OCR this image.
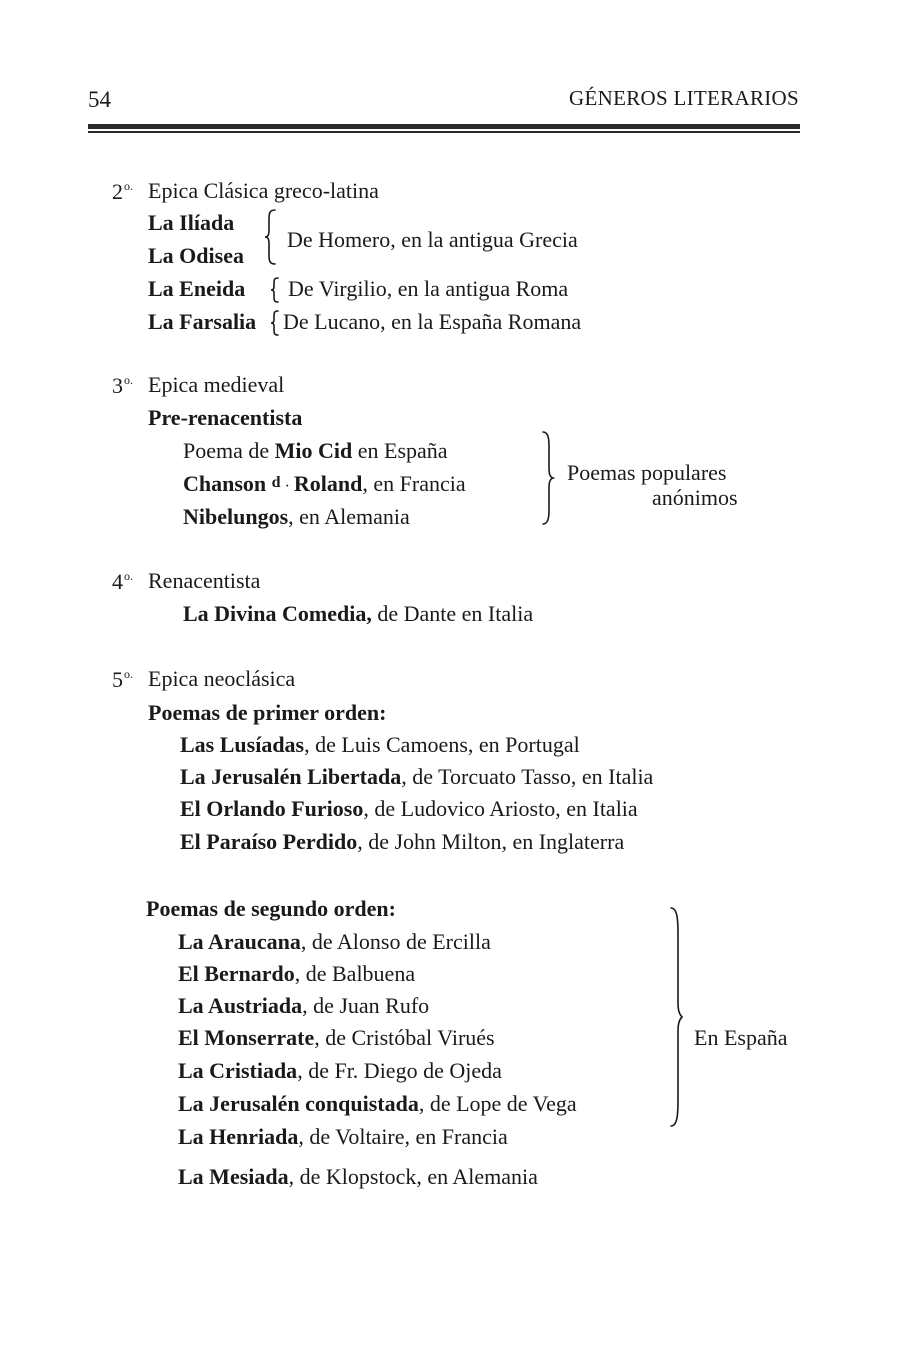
54	GÉNEROS LITERARIOS
$2^{o.}$ Epica Clásica greco-latina
La Ilíada
La Odisea
De Homero, en la antigua Grecia
La Eneida De Virgilio, en la antigua Roma
La Farsalia De Lucano, en la España Romana
$3^{o.}$ Epica medieval
Pre-renacentista
Poema de Mio Cid en España
Chanson d · Roland, en Francia
Nibelungos, en Alemania
Poemas populares
anónimos
$4^{o.}$ Renacentista
La Divina Comedia, de Dante en Italia
$5^{o.}$ Epica neoclásica
Poemas de primer orden:
Las Lusíadas, de Luis Camoens, en Portugal
La Jerusalén Libertada, de Torcuato Tasso, en Italia
El Orlando Furioso, de Ludovico Ariosto, en Italia
El Paraíso Perdido, de John Milton, en Inglaterra
Poemas de segundo orden:
La Araucana, de Alonso de Ercilla
El Bernardo, de Balbuena
La Austriada, de Juan Rufo
El Monserrate, de Cristóbal Virués
La Cristiada, de Fr. Diego de Ojeda
La Jerusalén conquistada, de Lope de Vega
La Henriada, de Voltaire, en Francia
La Mesiada, de Klopstock, en Alemania
En España
